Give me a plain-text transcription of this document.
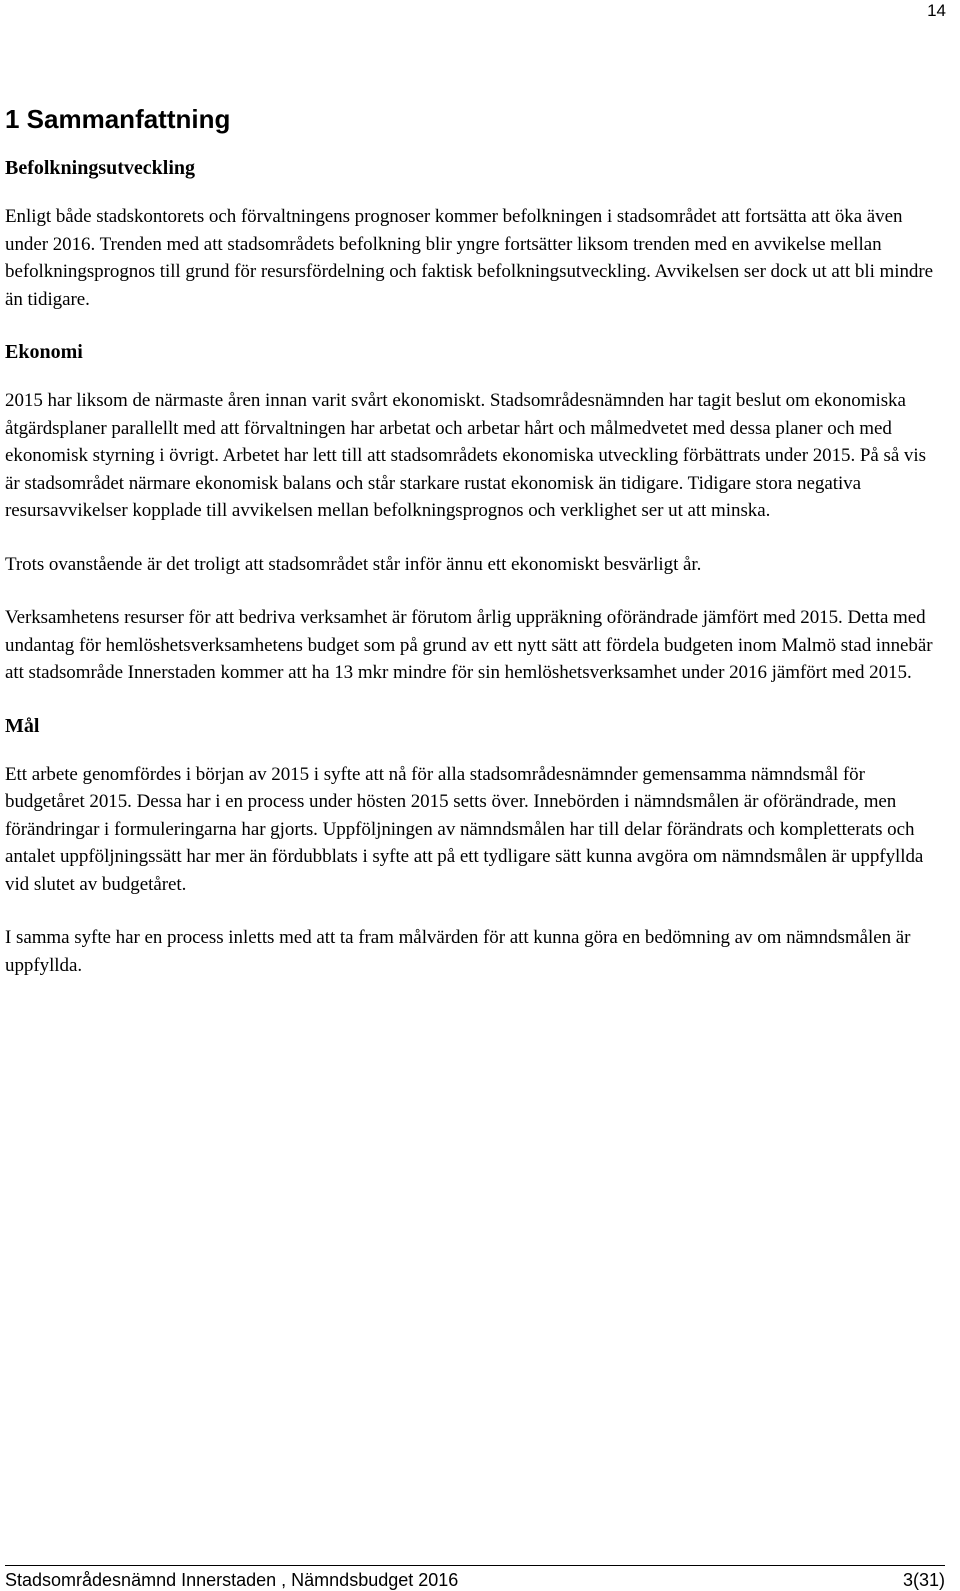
14
1 Sammanfattning
Befolkningsutveckling

Enligt både stadskontorets och förvaltningens prognoser kommer befolkningen i stadsområdet att fortsätta att öka även under 2016. Trenden med att stadsområdets befolkning blir yngre fortsätter liksom trenden med en avvikelse mellan befolkningsprognos till grund för resursfördelning och faktisk befolkningsutveckling. Avvikelsen ser dock ut att bli mindre än tidigare.

Ekonomi

2015 har liksom de närmaste åren innan varit svårt ekonomiskt. Stadsområdesnämnden har tagit beslut om ekonomiska åtgärdsplaner parallellt med att förvaltningen har arbetat och arbetar hårt och målmedvetet med dessa planer och med ekonomisk styrning i övrigt. Arbetet har lett till att stadsområdets ekonomiska utveckling förbättrats under 2015. På så vis är stadsområdet närmare ekonomisk balans och står starkare rustat ekonomisk än tidigare. Tidigare stora negativa resursavvikelser kopplade till avvikelsen mellan befolkningsprognos och verklighet ser ut att minska.

Trots ovanstående är det troligt att stadsområdet står inför ännu ett ekonomiskt besvärligt år.

Verksamhetens resurser för att bedriva verksamhet är förutom årlig uppräkning oförändrade jämfört med 2015. Detta med undantag för hemlöshetsverksamhetens budget som på grund av ett nytt sätt att fördela budgeten inom Malmö stad innebär att stadsområde Innerstaden kommer att ha 13 mkr mindre för sin hemlöshetsverksamhet under 2016 jämfört med 2015.

Mål

Ett arbete genomfördes i början av 2015 i syfte att nå för alla stadsområdesnämnder gemensamma nämndsmål för budgetåret 2015. Dessa har i en process under hösten 2015 setts över. Innebörden i nämndsmålen är oförändrade, men förändringar i formuleringarna har gjorts. Uppföljningen av nämndsmålen har till delar förändrats och kompletterats och antalet uppföljningssätt har mer än fördubblats i syfte att på ett tydligare sätt kunna avgöra om nämndsmålen är uppfyllda vid slutet av budgetåret.

I samma syfte har en process inletts med att ta fram målvärden för att kunna göra en bedömning av om nämndsmålen är uppfyllda.

Stadsområdesnämnd Innerstaden , Nämndsbudget 2016	3(31)
